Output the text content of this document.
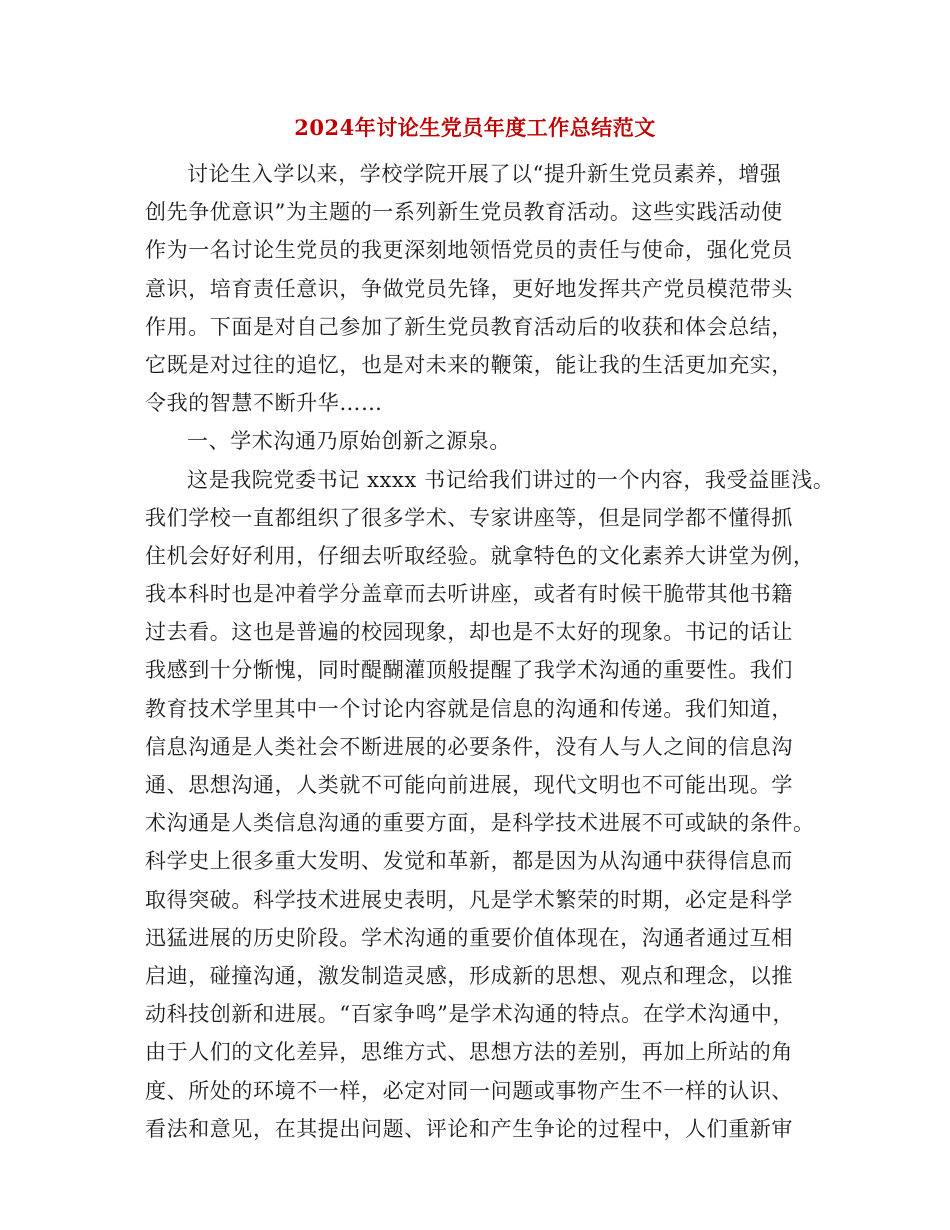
2024年讨论生党员年度工作总结范文
讨论生入学以来，学校学院开展了以“提升新生党员素养，增强
创先争优意识”为主题的一系列新生党员教育活动。这些实践活动使
作为一名讨论生党员的我更深刻地领悟党员的责任与使命，强化党员
意识，培育责任意识，争做党员先锋，更好地发挥共产党员模范带头
作用。下面是对自己参加了新生党员教育活动后的收获和体会总结，
它既是对过往的追忆，也是对未来的鞭策，能让我的生活更加充实，
令我的智慧不断升华……
一、学术沟通乃原始创新之源泉。
这是我院党委书记 xxxx 书记给我们讲过的一个内容，我受益匪浅。
我们学校一直都组织了很多学术、专家讲座等，但是同学都不懂得抓
住机会好好利用，仔细去听取经验。就拿特色的文化素养大讲堂为例，
我本科时也是冲着学分盖章而去听讲座，或者有时候干脆带其他书籍
过去看。这也是普遍的校园现象，却也是不太好的现象。书记的话让
我感到十分惭愧，同时醍醐灌顶般提醒了我学术沟通的重要性。我们
教育技术学里其中一个讨论内容就是信息的沟通和传递。我们知道，
信息沟通是人类社会不断进展的必要条件，没有人与人之间的信息沟
通、思想沟通，人类就不可能向前进展，现代文明也不可能出现。学
术沟通是人类信息沟通的重要方面，是科学技术进展不可或缺的条件。
科学史上很多重大发明、发觉和革新，都是因为从沟通中获得信息而
取得突破。科学技术进展史表明，凡是学术繁荣的时期，必定是科学
迅猛进展的历史阶段。学术沟通的重要价值体现在，沟通者通过互相
启迪，碰撞沟通，激发制造灵感，形成新的思想、观点和理念，以推
动科技创新和进展。“百家争鸣”是学术沟通的特点。在学术沟通中，
由于人们的文化差异，思维方式、思想方法的差别，再加上所站的角
度、所处的环境不一样，必定对同一问题或事物产生不一样的认识、
看法和意见，在其提出问题、评论和产生争论的过程中，人们重新审
